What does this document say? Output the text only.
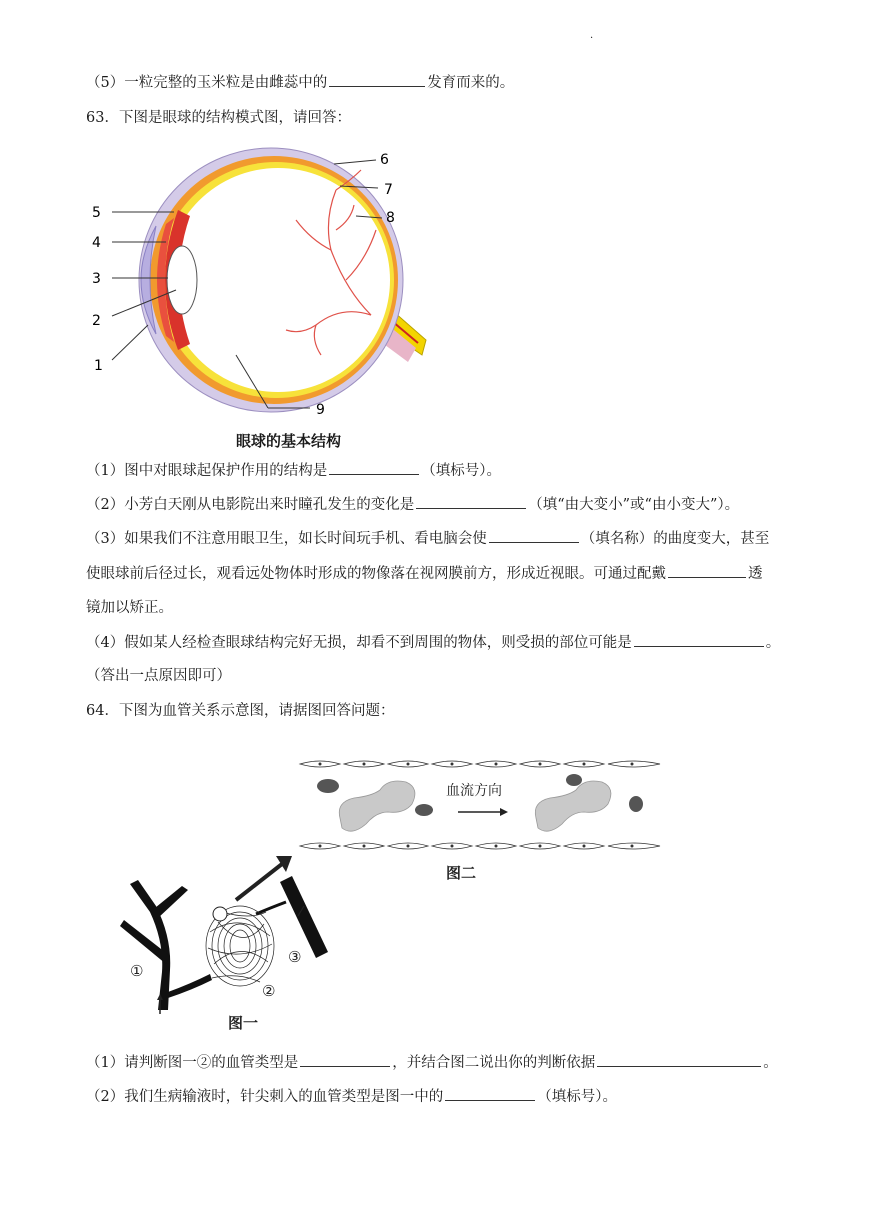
.
（5）一粒完整的玉米粒是由雌蕊中的	发育而来的。
63．下图是眼球的结构模式图，请回答：
5
4
3
2
1
6
7
8
9
眼球的基本结构
（1）图中对眼球起保护作用的结构是	（填标号）。
（2）小芳白天刚从电影院出来时瞳孔发生的变化是	（填“由大变小”或“由小变大”）。
（3）如果我们不注意用眼卫生，如长时间玩手机、看电脑会使	（填名称）的曲度变大，甚至
使眼球前后径过长，观看远处物体时形成的物像落在视网膜前方，形成近视眼。可通过配戴	透
镜加以矫正。
（4）假如某人经检查眼球结构完好无损，却看不到周围的物体，则受损的部位可能是	。
（答出一点原因即可）
64．下图为血管关系示意图，请据图回答问题：
血流方向
图二
①
②
③
图一
（1）请判断图一②的血管类型是	，并结合图二说出你的判断依据	。
（2）我们生病输液时，针尖刺入的血管类型是图一中的	（填标号）。
